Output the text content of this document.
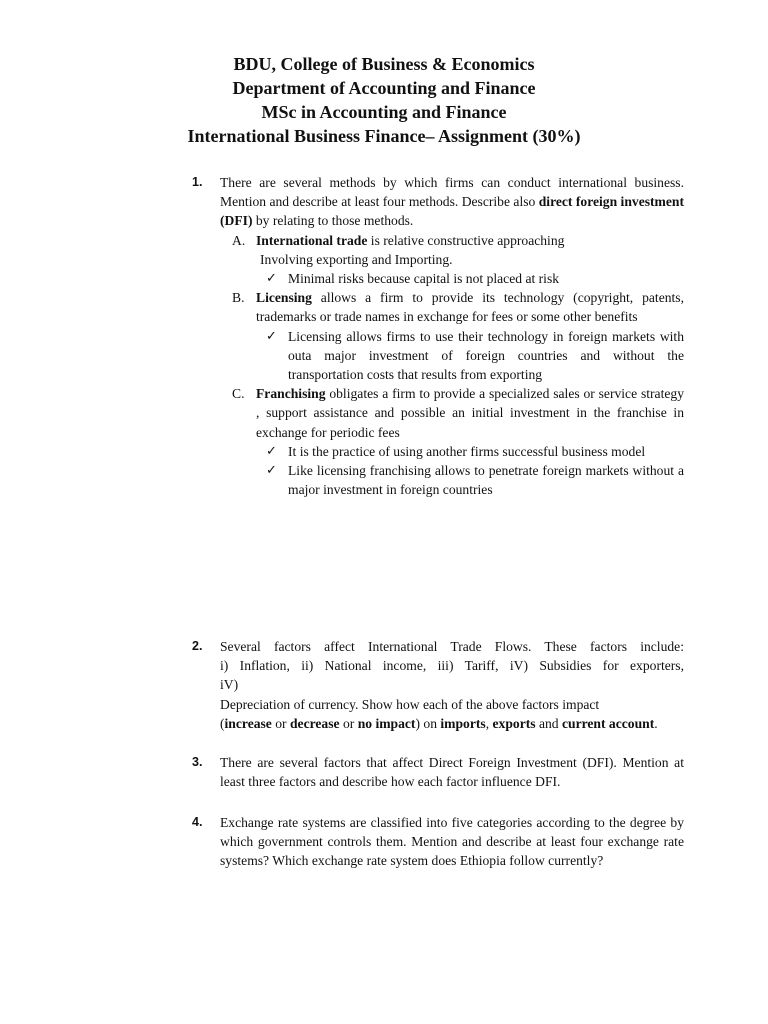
BDU, College of Business & Economics
Department of Accounting and Finance
MSc in Accounting and Finance
International Business Finance– Assignment (30%)
1. There are several methods by which firms can conduct international business. Mention and describe at least four methods. Describe also direct foreign investment (DFI) by relating to those methods.

A. International trade is relative constructive approaching
Involving exporting and Importing.
✓ Minimal risks because capital is not placed at risk
B. Licensing allows a firm to provide its technology (copyright, patents, trademarks or trade names in exchange for fees or some other benefits
✓ Licensing allows firms to use their technology in foreign markets with outa major investment of foreign countries and without the transportation costs that results from exporting
C. Franchising obligates a firm to provide a specialized sales or service strategy , support assistance and possible an initial investment in the franchise in exchange for periodic fees
✓ It is the practice of using another firms successful business model
✓ Like licensing franchising allows to penetrate foreign markets without a major investment in foreign countries
2. Several factors affect International Trade Flows. These factors include:
i) Inflation, ii) National income, iii) Tariff, iV) Subsidies for exporters,
iV)
Depreciation of currency. Show how each of the above factors impact

(increase or decrease or no impact) on imports, exports and current account.

3. There are several factors that affect Direct Foreign Investment (DFI). Mention at least three factors and describe how each factor influence DFI.

4. Exchange rate systems are classified into five categories according to the degree by which government controls them. Mention and describe at least four exchange rate systems? Which exchange rate system does Ethiopia follow currently?
